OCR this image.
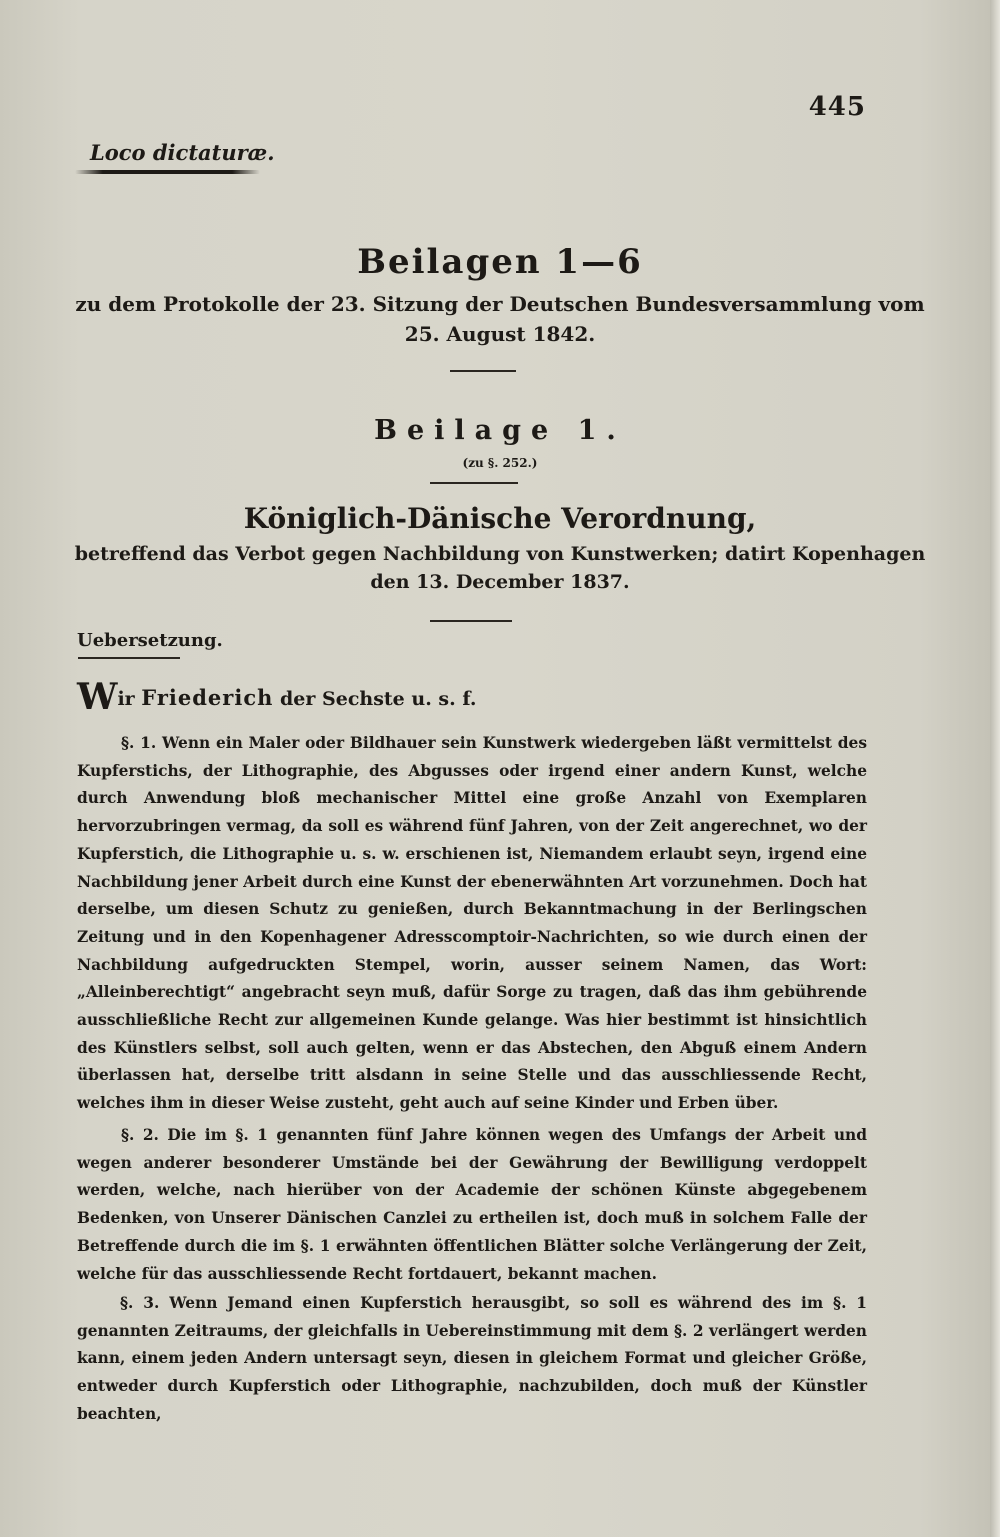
445
Loco dictaturæ.
Beilagen 1—6
zu dem Protokolle der 23. Sitzung der Deutschen Bundesversammlung vom
25. August 1842.
Beilage 1.
(zu §. 252.)
Königlich-Dänische Verordnung,
betreffend das Verbot gegen Nachbildung von Kunstwerken; datirt Kopenhagen
den 13. December 1837.
Uebersetzung.
Wir Friederich der Sechste u. s. f.

§. 1. Wenn ein Maler oder Bildhauer sein Kunstwerk wiedergeben läßt vermittelst des Kupferstichs, der Lithographie, des Abgusses oder irgend einer andern Kunst, welche durch Anwendung bloß mechanischer Mittel eine große Anzahl von Exemplaren hervorzubringen vermag, da soll es während fünf Jahren, von der Zeit angerechnet, wo der Kupferstich, die Lithographie u. s. w. erschienen ist, Niemandem erlaubt seyn, irgend eine Nachbildung jener Arbeit durch eine Kunst der ebenerwähnten Art vorzunehmen. Doch hat derselbe, um diesen Schutz zu genießen, durch Bekanntmachung in der Berlingschen Zeitung und in den Kopenhagener Adresscomptoir-Nachrichten, so wie durch einen der Nachbildung aufgedruckten Stempel, worin, ausser seinem Namen, das Wort: „Alleinberechtigt“ angebracht seyn muß, dafür Sorge zu tragen, daß das ihm gebührende ausschließliche Recht zur allgemeinen Kunde gelange. Was hier bestimmt ist hinsichtlich des Künstlers selbst, soll auch gelten, wenn er das Abstechen, den Abguß einem Andern überlassen hat, derselbe tritt alsdann in seine Stelle und das ausschliessende Recht, welches ihm in dieser Weise zusteht, geht auch auf seine Kinder und Erben über.

§. 2. Die im §. 1 genannten fünf Jahre können wegen des Umfangs der Arbeit und wegen anderer besonderer Umstände bei der Gewährung der Bewilligung verdoppelt werden, welche, nach hierüber von der Academie der schönen Künste abgegebenem Bedenken, von Unserer Dänischen Canzlei zu ertheilen ist, doch muß in solchem Falle der Betreffende durch die im §. 1 erwähnten öffentlichen Blätter solche Verlängerung der Zeit, welche für das ausschliessende Recht fortdauert, bekannt machen.

§. 3. Wenn Jemand einen Kupferstich herausgibt, so soll es während des im §. 1 genannten Zeitraums, der gleichfalls in Uebereinstimmung mit dem §. 2 verlängert werden kann, einem jeden Andern untersagt seyn, diesen in gleichem Format und gleicher Größe, entweder durch Kupferstich oder Lithographie, nachzubilden, doch muß der Künstler beachten,
